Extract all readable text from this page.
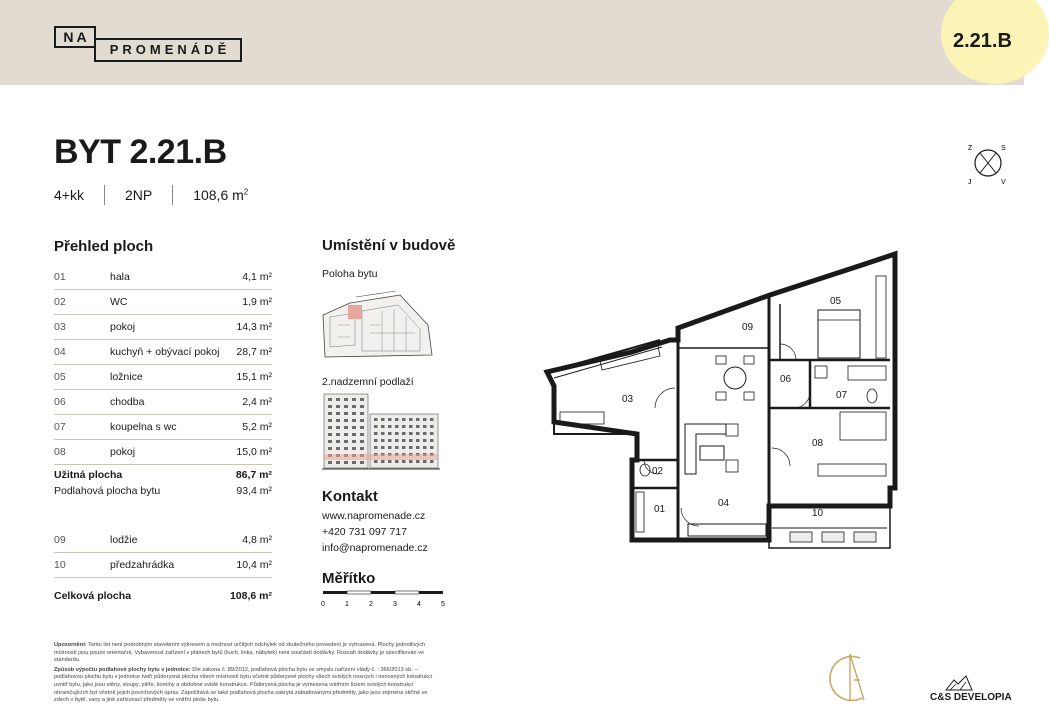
PROMENÁDĚ
NA	2.21.B
BYT 2.21.B
4+kk	2NP	108,6 $m^2$
Z	S
J	V
Přehled ploch
01	hala	4,1 m²
02	WC	1,9 m²
03	pokoj	14,3 m²
04	kuchyň + obývací pokoj	28,7 m²
05	ložnice	15,1 m²
06	chodba	2,4 m²
07	koupelna s wc	5,2 m²
08	pokoj	15,0 m²
Užitná plocha	86,7 m²
Podlahová plocha bytu	93,4 m²
09	lodžie	4,8 m²
10	předzahrádka	10,4 m²
Celková plocha	108,6 m²
Umístění v budově
Poloha bytu
2.nadzemní podlaží
Kontakt
www.napromenade.cz
+420 731 097 717
info@napromenade.cz
Měřítko
0	1	2	3	4	5
01
02
03
04
05
06
07
08
09
10

Upozornění: Tento list není podrobným stavebním výkresem a možnost určitých odchylek od skutečného provedení je vyhrazena. Plochy jednotlivých místností jsou pouze orientační. Vybavenost zařízení v plánech bytů (kuch. linka, nábytek) není součástí dodávky. Rozsah dodávky je specifikován ve standardu.

Způsob výpočtu podlahové plochy bytu v jednotce: Dle zákona č. 89/2012, podlahová plocha bytu ve smyslu nařízení vlády č. : 366/2013 sb. – podlahovou plochu bytu v jednotce tvoří půdorysná plocha všech místností bytu včetně půdorysné plochy všech svislých nosných i nenosných konstrukcí uvnitř bytu, jako jsou stěny, sloupy, pilíře, komíny a obdobné svislé konstrukce. Půdorysná plocha je vymezena vnitřním líciem svislých konstrukcí ohraničujících byt včetně jejich povrchových úprav. Započítává se také podlahová plocha zakrytá zabudovanými předměty, jako jsou zejména skříně ve zdech v bytě, vany a jiné zařizovací předměty ve vnitřní ploše bytu.	C&S DEVELOPIA
